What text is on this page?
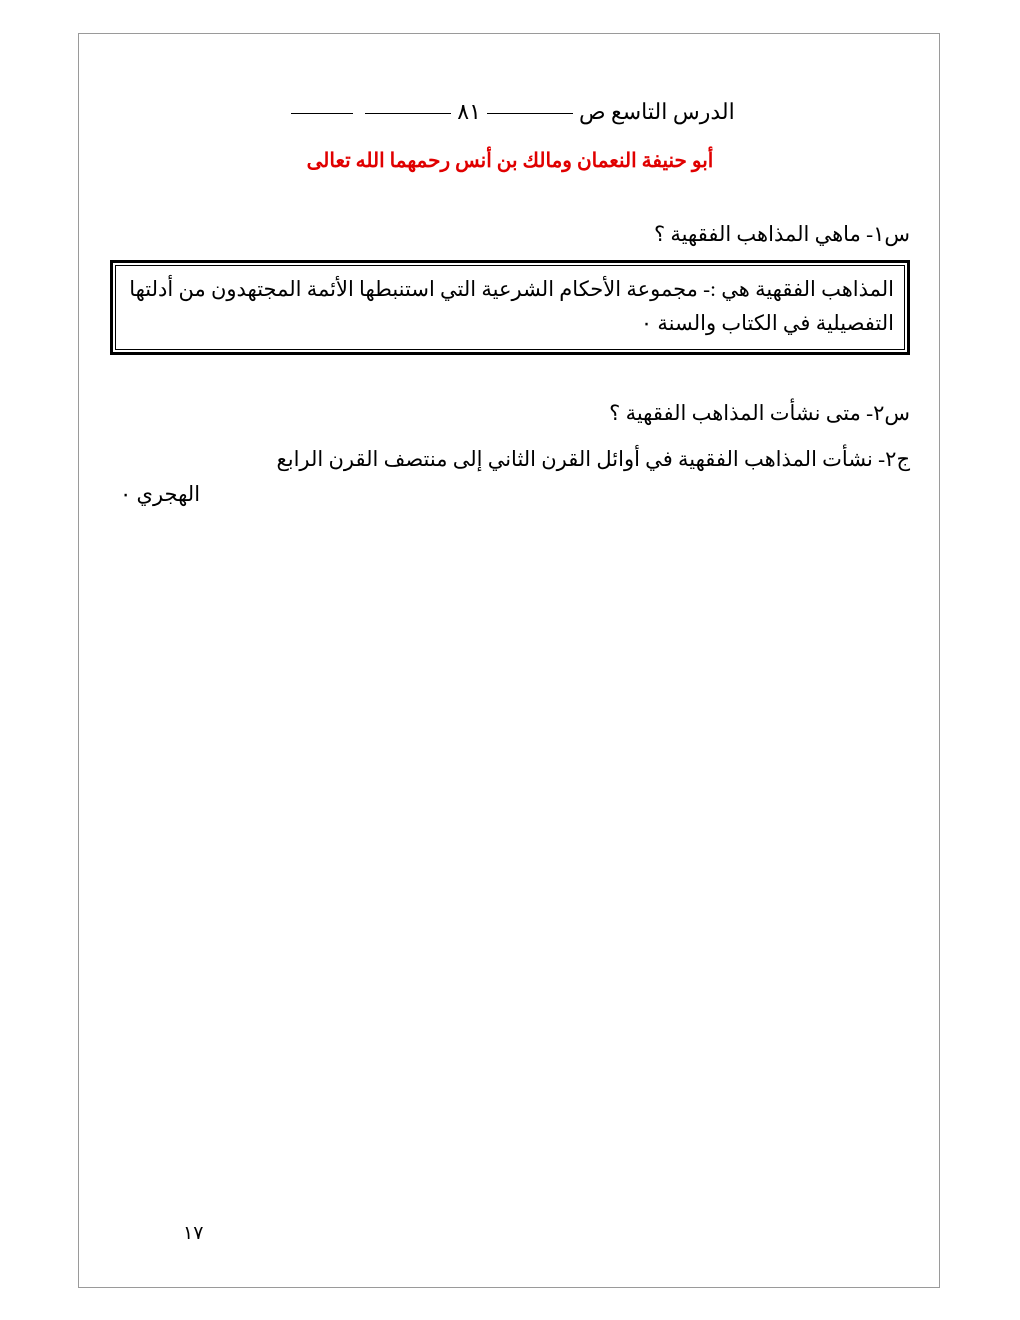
الدرس التاسع ص٨١
أبو حنيفة النعمان ومالك بن أنس رحمهما الله تعالى

س١- ماهي المذاهب الفقهية ؟

المذاهب الفقهية هي :- مجموعة الأحكام الشرعية التي استنبطها الأئمة المجتهدون من أدلتها

التفصيلية في الكتاب والسنة ٠

س٢- متى نشأت المذاهب الفقهية ؟

ج٢- نشأت المذاهب الفقهية في أوائل القرن الثاني إلى منتصف القرن الرابع

الهجري ٠

١٧
